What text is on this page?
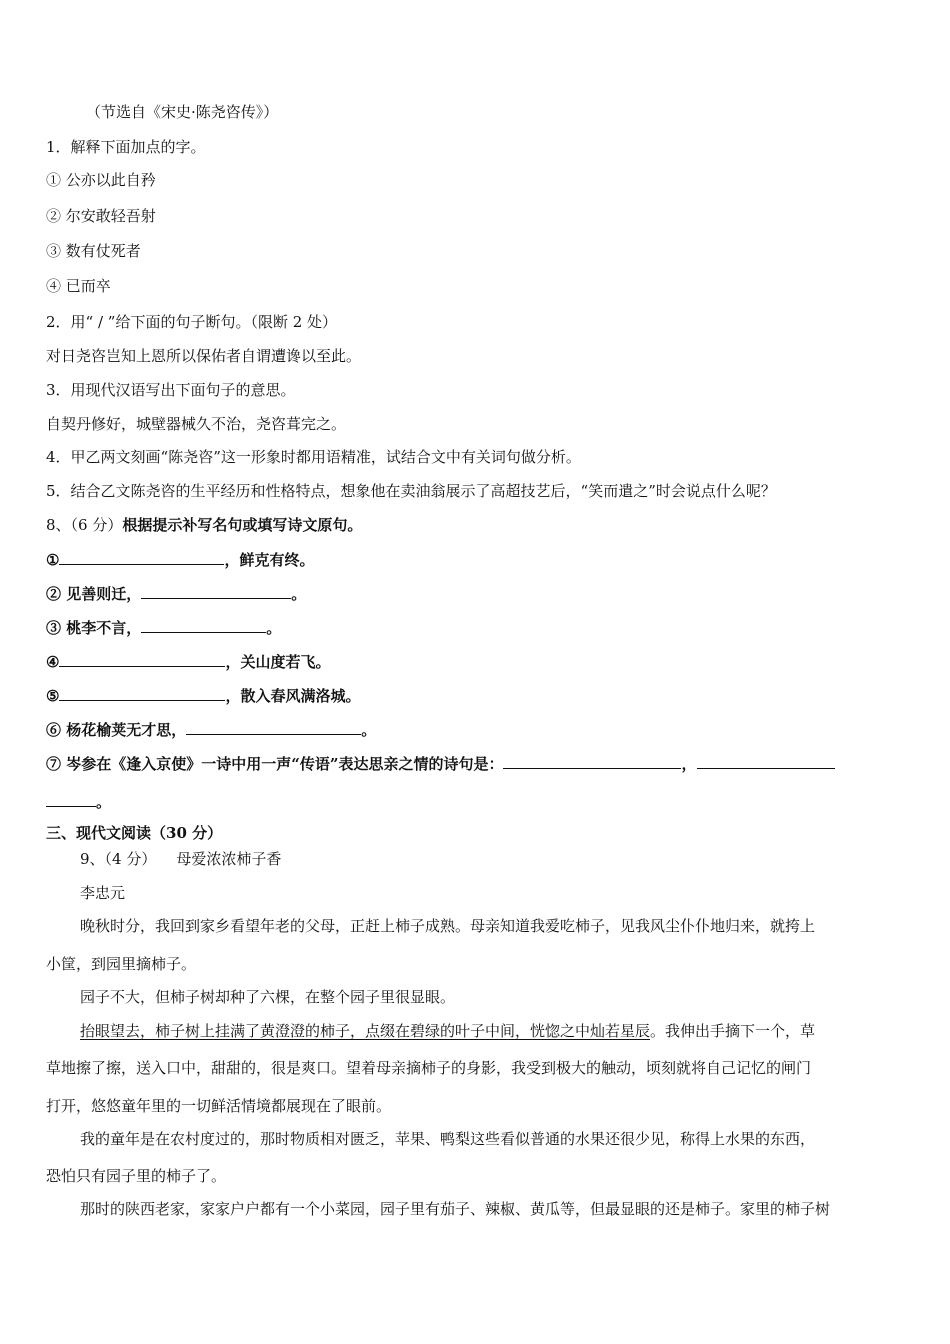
（节选自《宋史·陈尧咨传》）
1．解释下面加点的字。
① 公亦以此自矜
② 尔安敢轻吾射
③ 数有仗死者
④ 已而卒
2．用“ / ”给下面的句子断句。（限断 2 处）
对日尧咨岂知上恩所以保佑者自谓遭谗以至此。
3．用现代汉语写出下面句子的意思。
自契丹修好，城壁器械久不治，尧咨葺完之。
4．甲乙两文刻画“陈尧咨”这一形象时都用语精准，试结合文中有关词句做分析。
5．结合乙文陈尧咨的生平经历和性格特点，想象他在卖油翁展示了高超技艺后，“笑而遣之”时会说点什么呢？
8、（6 分）根据提示补写名句或填写诗文原句。
①	，鲜克有终。
② 见善则迁，	。
③ 桃李不言，	。
④	，关山度若飞。
⑤	，散入春风满洛城。
⑥ 杨花榆荚无才思，	。
⑦ 岑参在《逢入京使》一诗中用一声“传语”表达思亲之情的诗句是：	，
。
三、现代文阅读（30 分）
9、（4 分） 母爱浓浓柿子香
李忠元
晚秋时分，我回到家乡看望年老的父母，正赶上柿子成熟。母亲知道我爱吃柿子，见我风尘仆仆地归来，就挎上
小筐，到园里摘柿子。
园子不大，但柿子树却种了六棵，在整个园子里很显眼。
抬眼望去，柿子树上挂满了黄澄澄的柿子，点缀在碧绿的叶子中间，恍惚之中灿若星辰。我伸出手摘下一个，草
草地擦了擦，送入口中，甜甜的，很是爽口。望着母亲摘柿子的身影，我受到极大的触动，顷刻就将自己记忆的闸门
打开，悠悠童年里的一切鲜活情境都展现在了眼前。
我的童年是在农村度过的，那时物质相对匮乏，苹果、鸭梨这些看似普通的水果还很少见，称得上水果的东西，
恐怕只有园子里的柿子了。
那时的陕西老家，家家户户都有一个小菜园，园子里有茄子、辣椒、黄瓜等，但最显眼的还是柿子。家里的柿子树
